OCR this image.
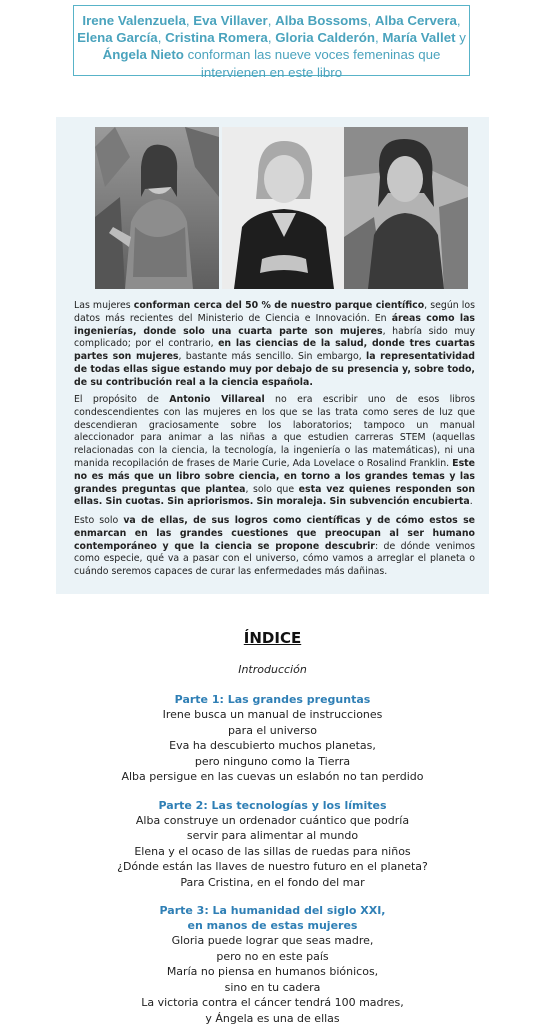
Irene Valenzuela, Eva Villaver, Alba Bossoms, Alba Cervera,
Elena García, Cristina Romera, Gloria Calderón, María Vallet y
Ángela Nieto conforman las nueve voces femeninas que intervienen en este libro
Las mujeres conforman cerca del 50 % de nuestro parque científico, según los datos más recientes del Ministerio de Ciencia e Innovación. En áreas como las ingenierías, donde solo una cuarta parte son mujeres, habría sido muy complicado; por el contrario, en las ciencias de la salud, donde tres cuartas partes son mujeres, bastante más sencillo. Sin embargo, la representatividad de todas ellas sigue estando muy por debajo de su presencia y, sobre todo, de su contribución real a la ciencia española.
El propósito de Antonio Villareal no era escribir uno de esos libros condescendientes con las mujeres en los que se las trata como seres de luz que descendieran graciosamente sobre los laboratorios; tampoco un manual aleccionador para animar a las niñas a que estudien carreras STEM (aquellas relacionadas con la ciencia, la tecnología, la ingeniería o las matemáticas), ni una manida recopilación de frases de Marie Curie, Ada Lovelace o Rosalind Franklin. Este no es más que un libro sobre ciencia, en torno a los grandes temas y las grandes preguntas que plantea, solo que esta vez quienes responden son ellas. Sin cuotas. Sin apriorismos. Sin moraleja. Sin subvención encubierta.
Esto solo va de ellas, de sus logros como científicas y de cómo estos se enmarcan en las grandes cuestiones que preocupan al ser humano contemporáneo y que la ciencia se propone descubrir: de dónde venimos como especie, qué va a pasar con el universo, cómo vamos a arreglar el planeta o cuándo seremos capaces de curar las enfermedades más dañinas.
ÍNDICE
Introducción
Parte 1: Las grandes preguntas
Irene busca un manual de instrucciones
para el universo
Eva ha descubierto muchos planetas,
pero ninguno como la Tierra
Alba persigue en las cuevas un eslabón no tan perdido
Parte 2: Las tecnologías y los límites
Alba construye un ordenador cuántico que podría
servir para alimentar al mundo
Elena y el ocaso de las sillas de ruedas para niños
¿Dónde están las llaves de nuestro futuro en el planeta?
Para Cristina, en el fondo del mar
Parte 3: La humanidad del siglo XXI,
en manos de estas mujeres
Gloria puede lograr que seas madre,
pero no en este país
María no piensa en humanos biónicos,
sino en tu cadera
La victoria contra el cáncer tendrá 100 madres,
y Ángela es una de ellas
